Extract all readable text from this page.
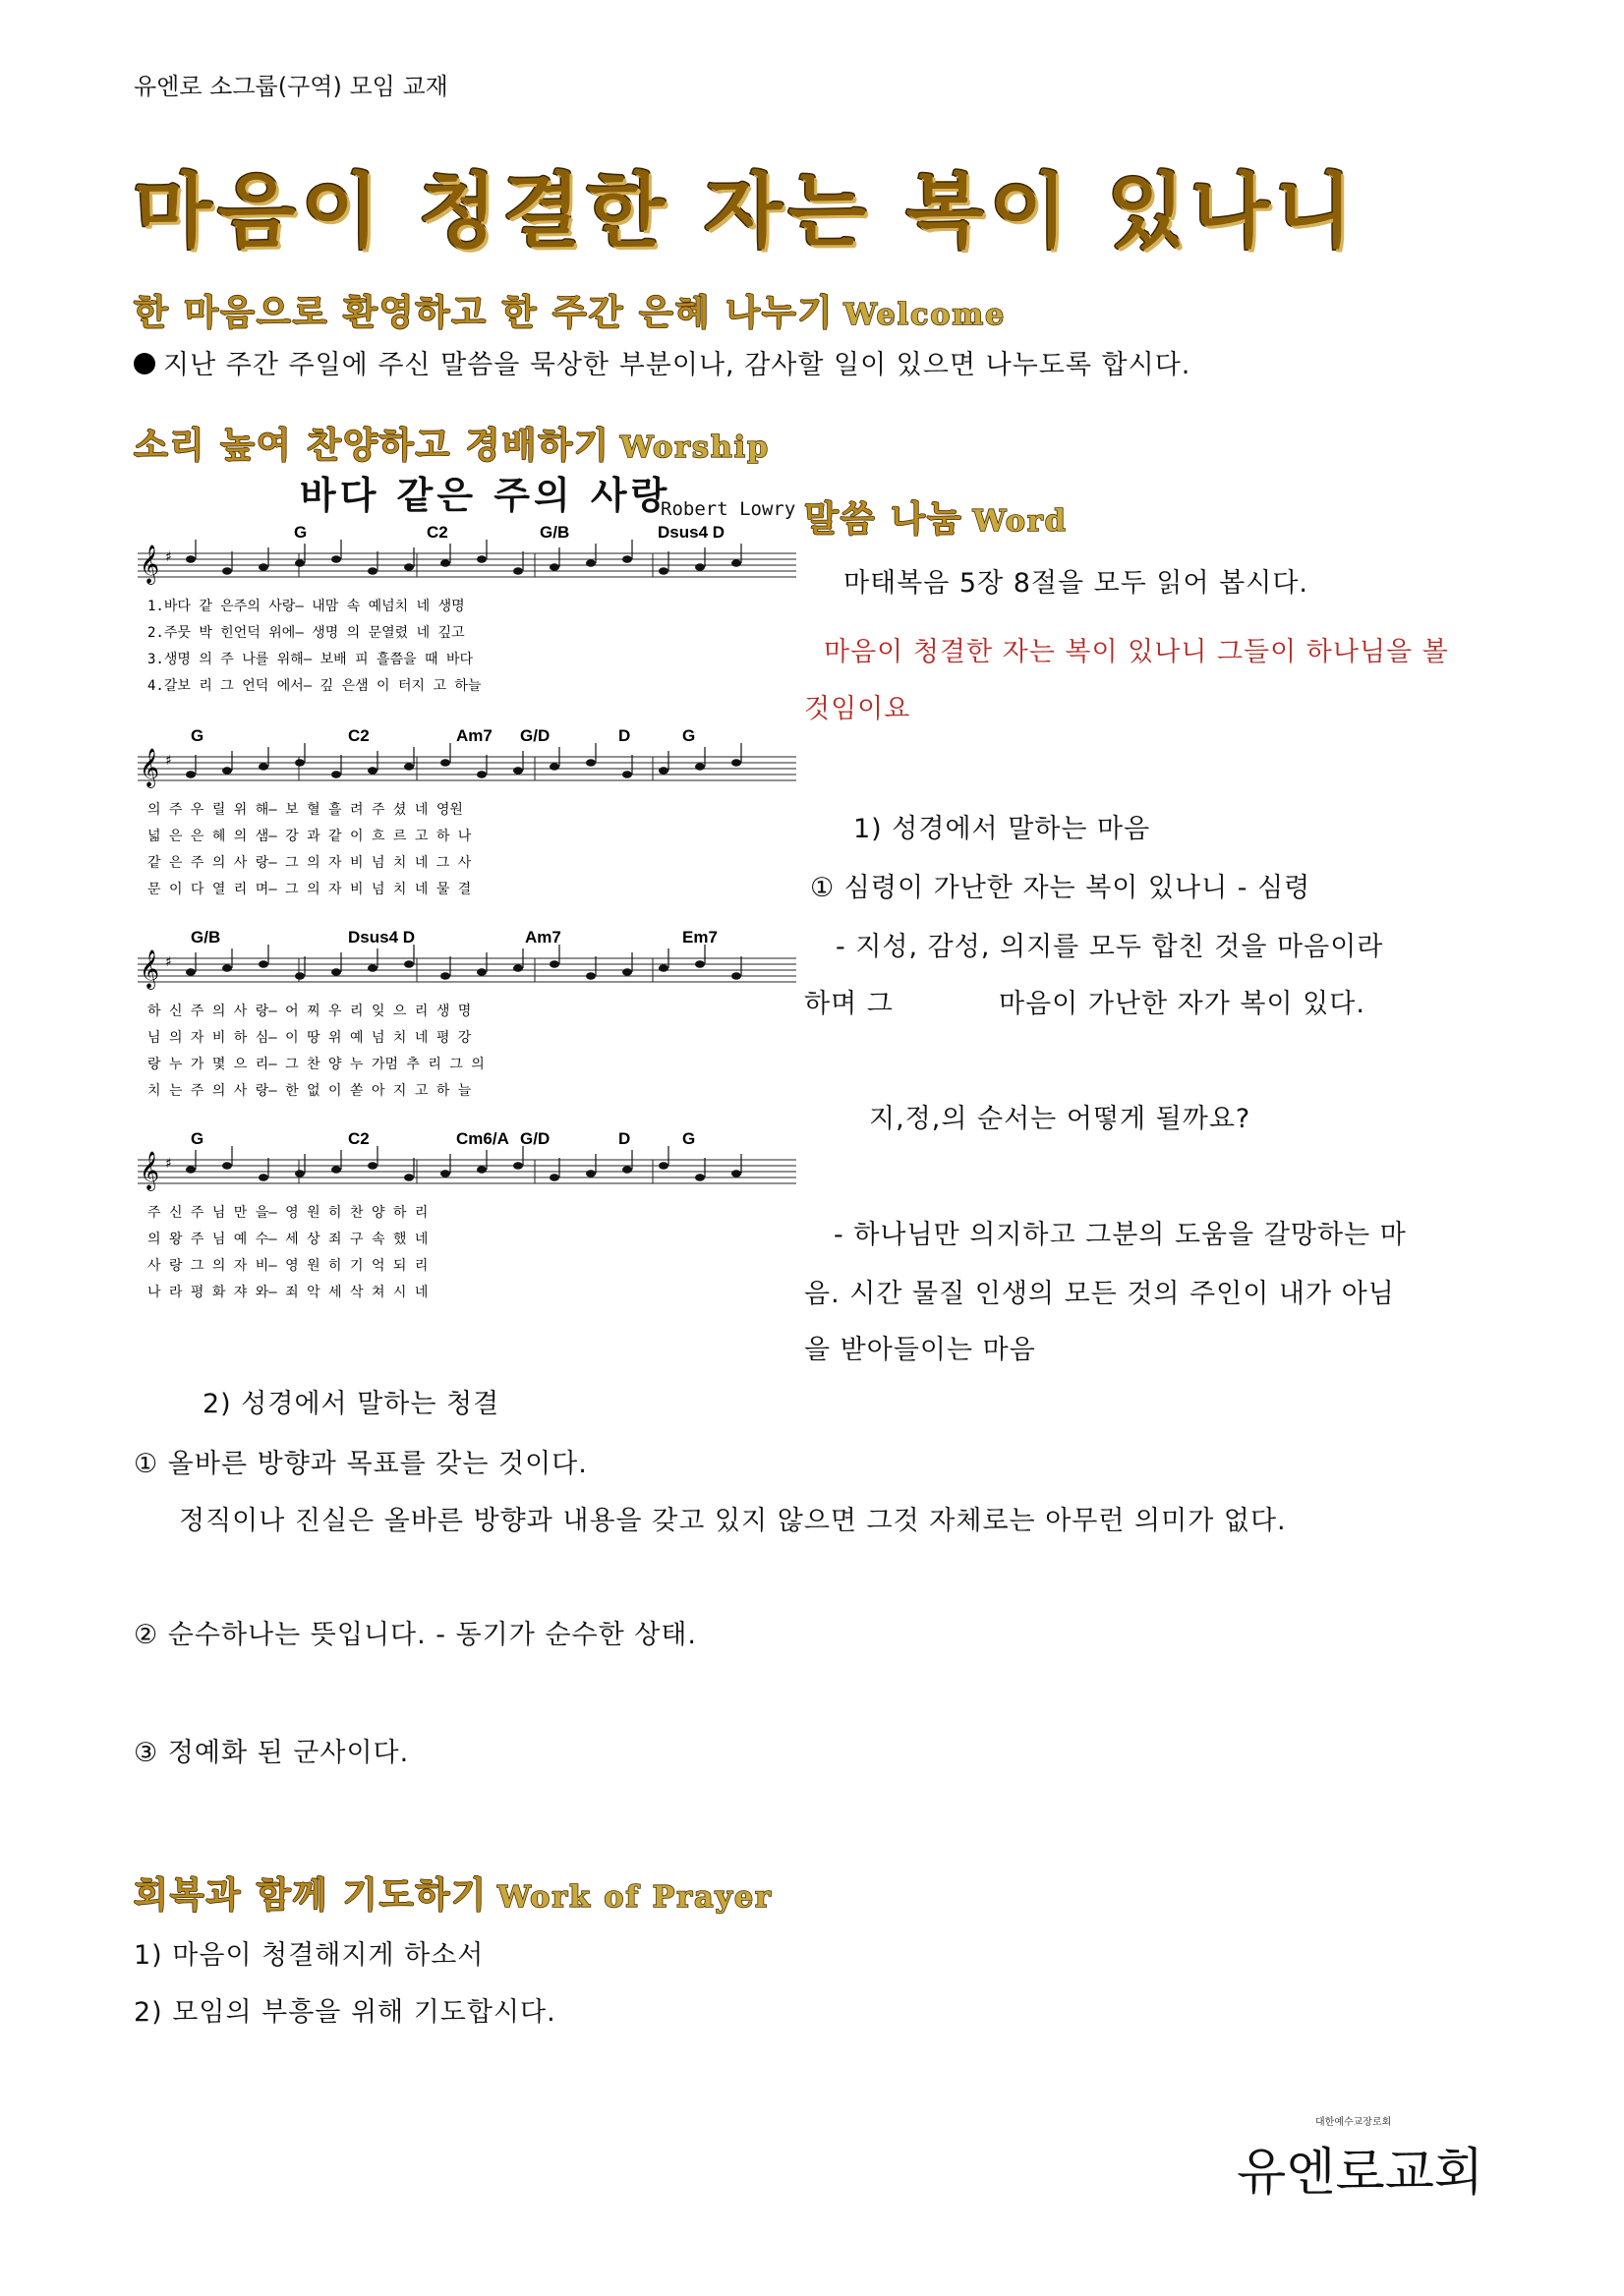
유엔로 소그룹(구역) 모임 교재
마음이 청결한 자는 복이 있나니
한 마음으로 환영하고 한 주간 은혜 나누기 Welcome
지난 주간 주일에 주신 말씀을 묵상한 부분이나, 감사할 일이 있으면 나누도록 합시다.
소리 높여 찬양하고 경배하기 Worship
바다 같은 주의 사랑
Robert Lowry
G	C2	G/B	Dsus4 D
𝄞 ♯
1.바다 같 은주의 사랑― 내맘 속 예넘치 네 생명
2.주뭇 박 힌언덕 위에― 생명 의 문열렸 네 깊고
3.생명 의 주 나를 위해― 보배 피 흘쯤을 때 바다
4.갈보 리 그 언덕 에서― 깊 은샘 이 터지 고 하늘
G	C2	Am7 G/D	D	G
𝄞 ♯
의 주 우 릴 위 해― 보 혈 흘 려 주 셨 네 영원
넓 은 은 혜 의 샘― 강 과 같 이 흐 르 고 하 나
같 은 주 의 사 랑― 그 의 자 비 넘 치 네 그 사
문 이 다 열 리 며― 그 의 자 비 넘 치 네 물 결
G/B	Dsus4 D	Am7	Em7
𝄞 ♯
하 신 주 의 사 랑― 어 찌 우 리 잊 으 리 생 명
님 의 자 비 하 심― 이 땅 위 예 넘 치 네 평 강
랑 누 가 몇 으 리― 그 찬 양 누 가멈 추 리 그 의
치 는 주 의 사 랑― 한 없 이 쏟 아 지 고 하 늘
G	C2	Cm6/A G/D	D	G
𝄞 ♯
주 신 주 님 만 을― 영 원 히 찬 양 하 리
의 왕 주 님 예 수― 세 상 죄 구 속 했 네
사 랑 그 의 자 비― 영 원 히 기 억 되 리
나 라 평 화 쟈 와― 죄 악 세 삭 쳐 시 네
말씀 나눔 Word
마태복음 5장 8절을 모두 읽어 봅시다.
마음이 청결한 자는 복이 있나니 그들이 하나님을 볼
것임이요
1) 성경에서 말하는 마음
① 심령이 가난한 자는 복이 있나니 - 심령
- 지성, 감성, 의지를 모두 합친 것을 마음이라
하며 그	마음이 가난한 자가 복이 있다.
지,정,의 순서는 어떻게 될까요?
- 하나님만 의지하고 그분의 도움을 갈망하는 마
음. 시간 물질 인생의 모든 것의 주인이 내가 아님
을 받아들이는 마음
2) 성경에서 말하는 청결
① 올바른 방향과 목표를 갖는 것이다.
정직이나 진실은 올바른 방향과 내용을 갖고 있지 않으면 그것 자체로는 아무런 의미가 없다.
② 순수하나는 뜻입니다. - 동기가 순수한 상태.
③ 정예화 된 군사이다.
회복과 함께 기도하기 Work of Prayer
1) 마음이 청결해지게 하소서
2) 모임의 부흥을 위해 기도합시다.
대한예수교장로회
유엔로교회
